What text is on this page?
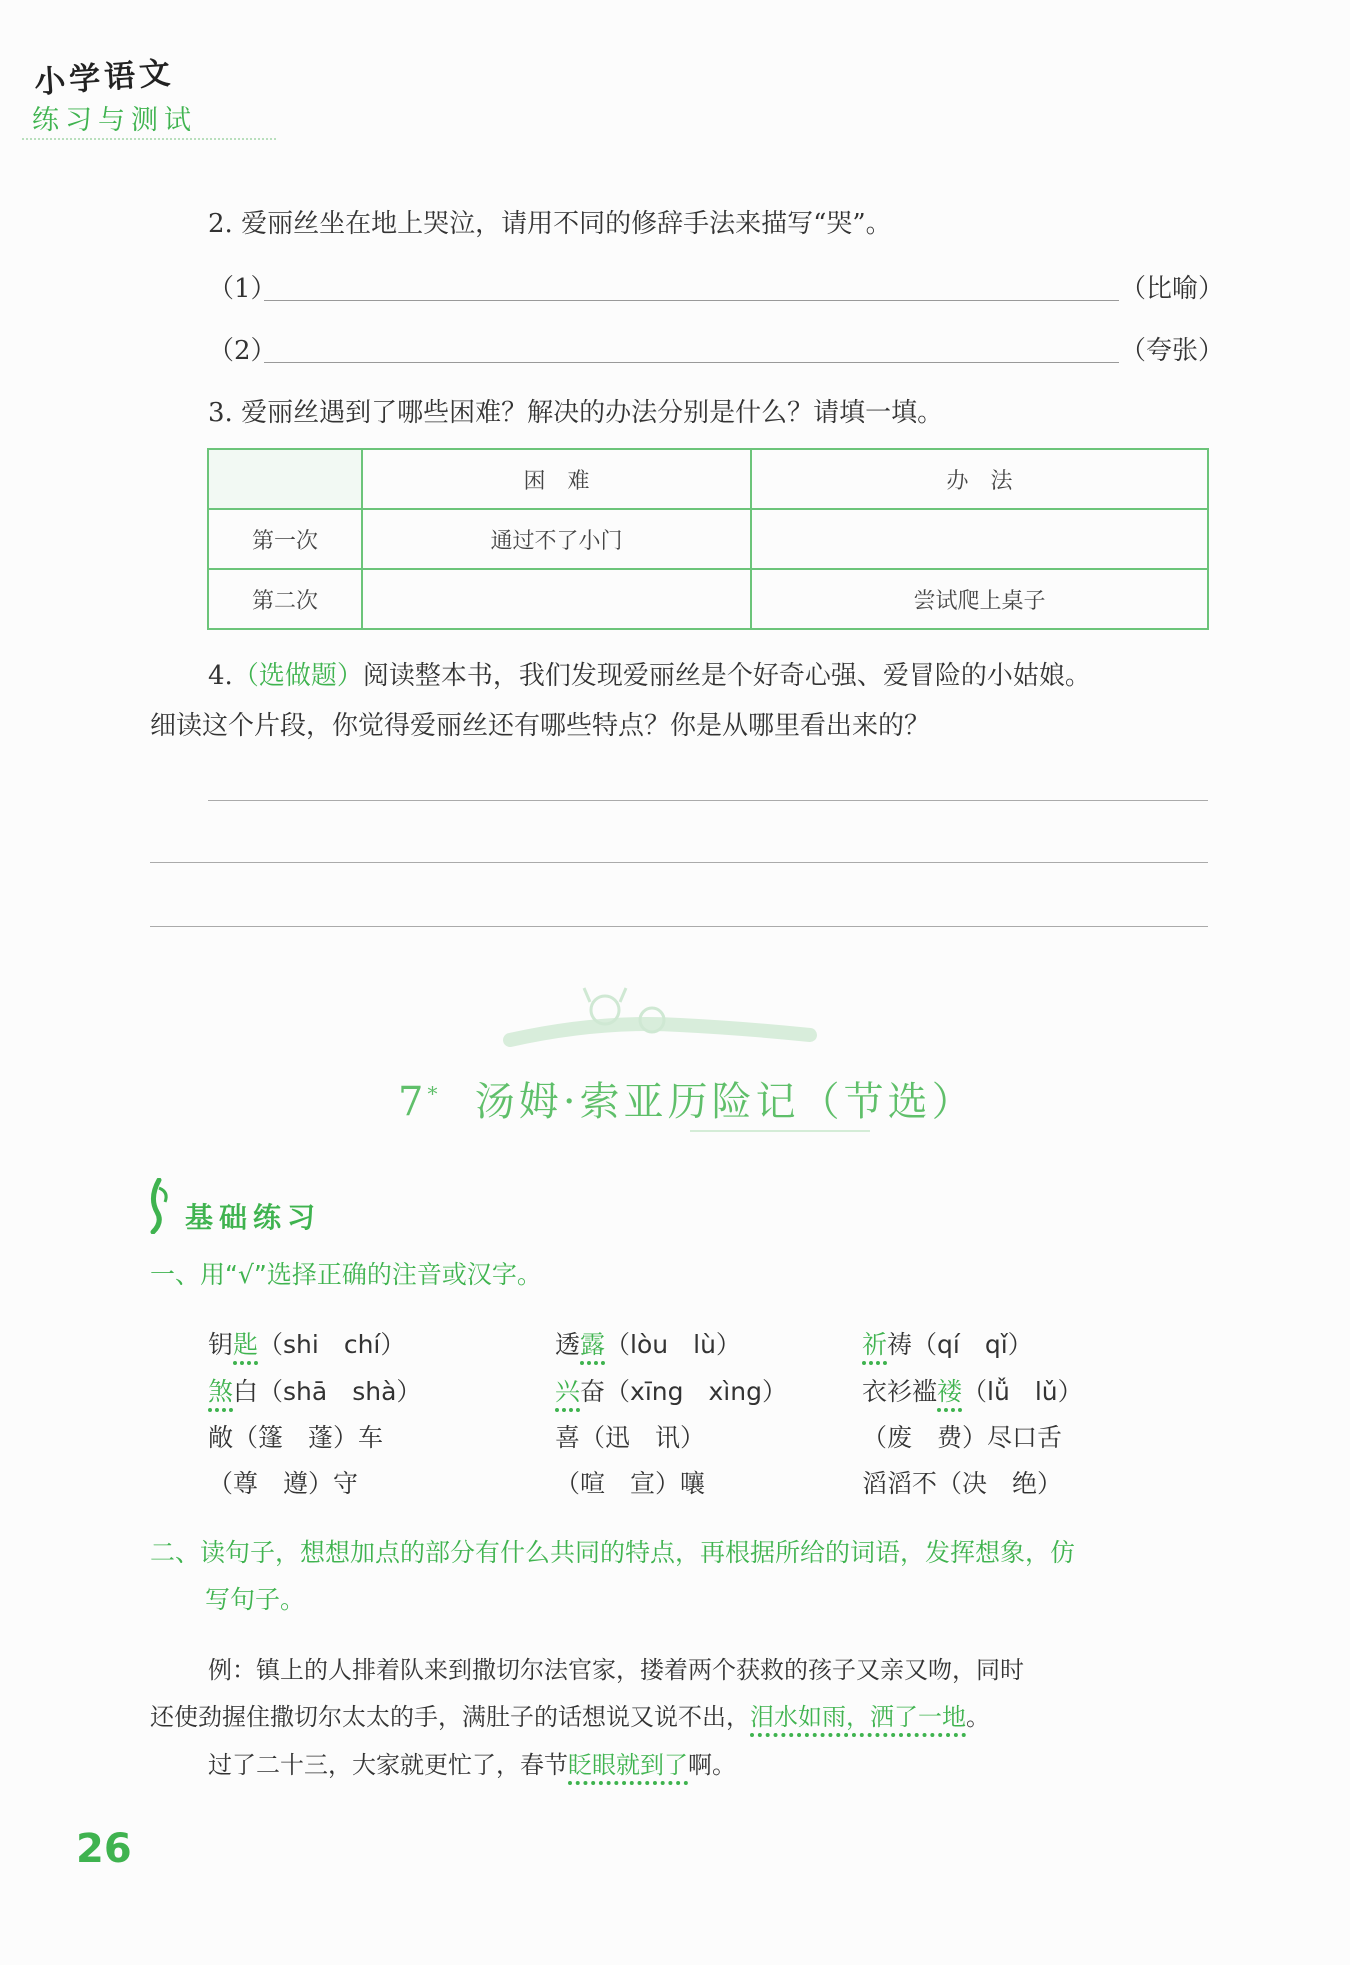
小学语文
练习与测试
2. 爱丽丝坐在地上哭泣，请用不同的修辞手法来描写“哭”。
（1）	（比喻）
（2）	（夸张）
3. 爱丽丝遇到了哪些困难？解决的办法分别是什么？请填一填。
	困　难	办　法
第一次	通过不了小门	
第二次		尝试爬上桌子
4.（选做题）阅读整本书，我们发现爱丽丝是个好奇心强、爱冒险的小姑娘。
细读这个片段，你觉得爱丽丝还有哪些特点？你是从哪里看出来的？
7* 汤姆·索亚历险记（节选）
基础练习
一、用“√”选择正确的注音或汉字。
钥匙（shi　chí）	透露（lòu　lù）	祈祷（qí　qǐ）
煞白（shā　shà）	兴奋（xīng　xìng）	衣衫褴褛（lǚ　lǔ）
敞（篷　蓬）车	喜（迅　讯）	（废　费）尽口舌
（尊　遵）守	（喧　宣）嚷	滔滔不（决　绝）
二、读句子，想想加点的部分有什么共同的特点，再根据所给的词语，发挥想象，仿
写句子。
例：镇上的人排着队来到撒切尔法官家，搂着两个获救的孩子又亲又吻，同时
还使劲握住撒切尔太太的手，满肚子的话想说又说不出，泪水如雨，洒了一地。
过了二十三，大家就更忙了，春节眨眼就到了啊。
26
